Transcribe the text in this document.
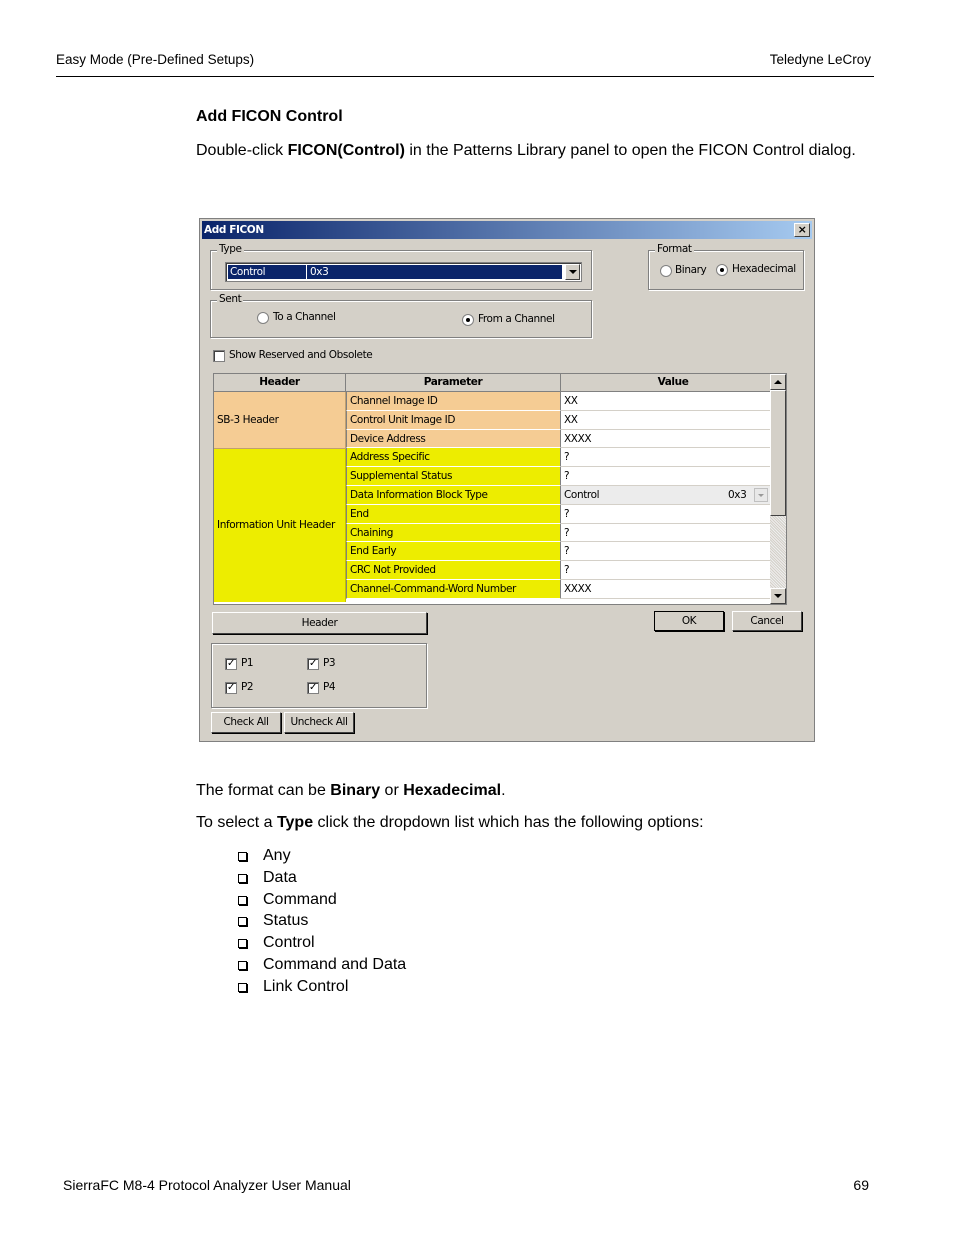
Easy Mode (Pre-Defined Setups)	Teledyne LeCroy
Add FICON Control
Double-click FICON(Control) in the Patterns Library panel to open the FICON Control dialog.
Add FICON	×
Type
Control	0x3
Format
Binary Hexadecimal
Sent
To a Channel	From a Channel
Show Reserved and Obsolete
Header	Parameter	Value
SB-3 Header
Information Unit Header
Channel Image ID	XX
Control Unit Image ID	XX
Device Address	XXXX
Address Specific	?
Supplemental Status	?
Data Information Block Type	Control	0x3
End	?
Chaining	?
End Early	?
CRC Not Provided	?
Channel-Command-Word Number	XXXX
Header	OK	Cancel
✓ P1	✓ P3
✓ P2	✓ P4
Check All	Uncheck All
The format can be Binary or Hexadecimal.
To select a Type click the dropdown list which has the following options:
Any
Data
Command
Status
Control
Command and Data
Link Control
SierraFC M8-4 Protocol Analyzer User Manual	69
